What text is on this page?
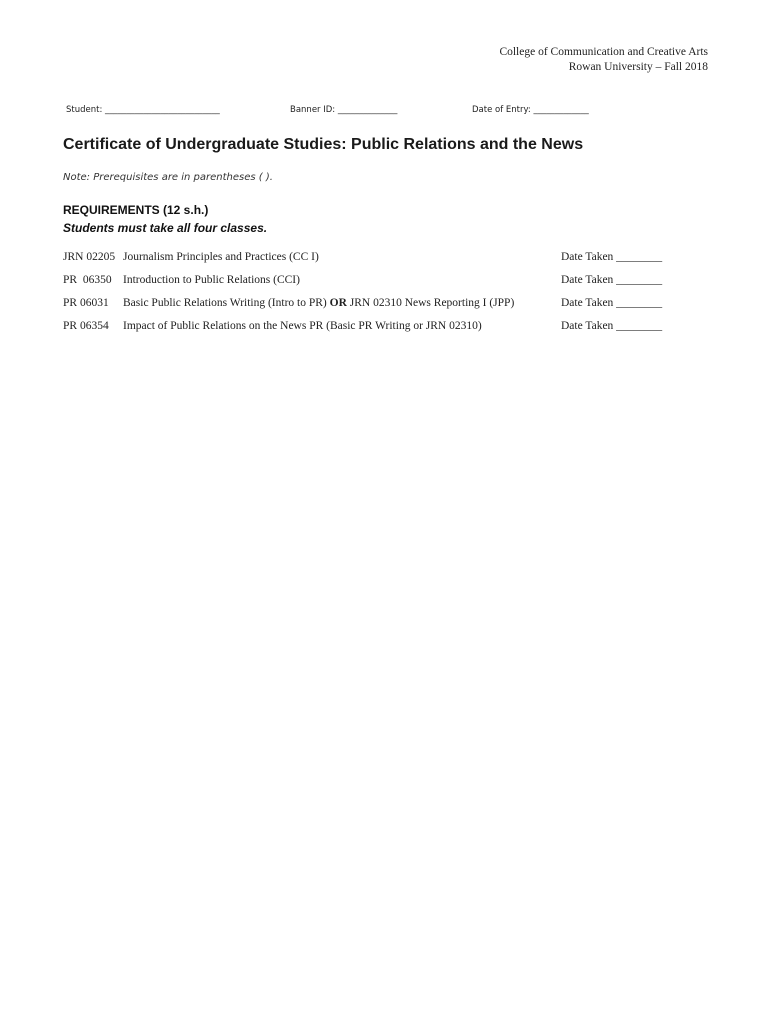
College of Communication and Creative Arts
Rowan University – Fall 2018
Student: ___________________________	Banner ID: ______________	Date of Entry: _____________
Certificate of Undergraduate Studies: Public Relations and the News
Note: Prerequisites are in parentheses ( ).
REQUIREMENTS (12 s.h.)
Students must take all four classes.
JRN 02205 Journalism Principles and Practices (CC I)	Date Taken ________
PR  06350 Introduction to Public Relations (CCI)	Date Taken ________
PR 06031 Basic Public Relations Writing (Intro to PR) OR JRN 02310 News Reporting I (JPP)	Date Taken ________
PR 06354 Impact of Public Relations on the News PR (Basic PR Writing or JRN 02310)	Date Taken ________
